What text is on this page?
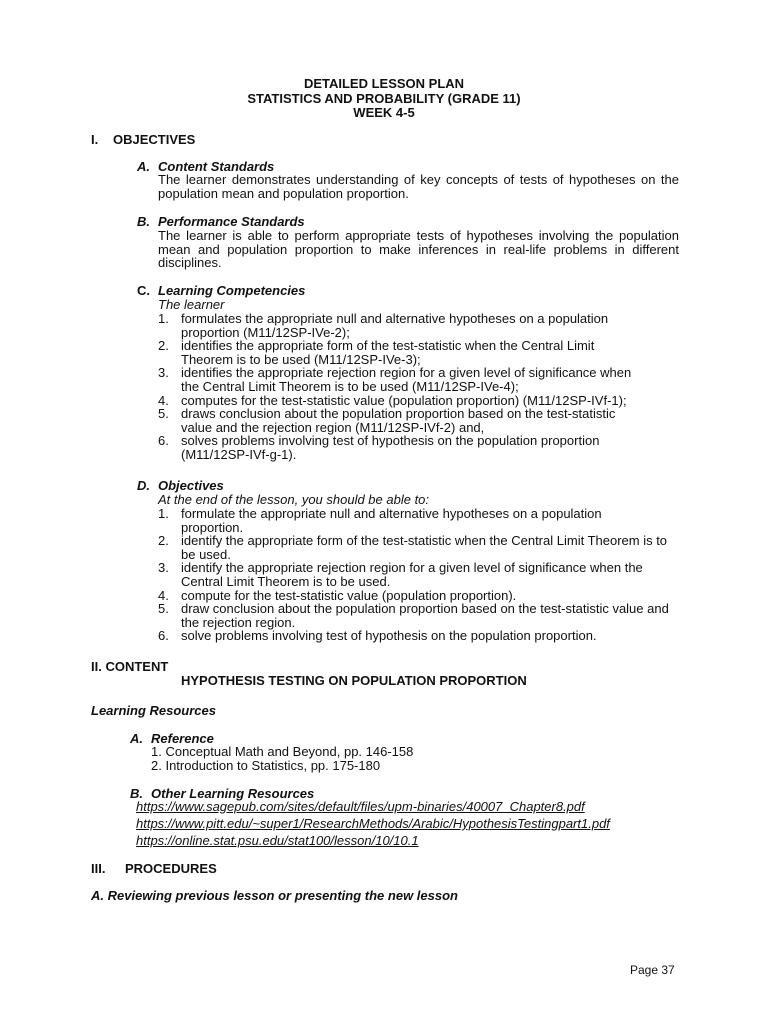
DETAILED LESSON PLAN
STATISTICS AND PROBABILITY (GRADE 11)
WEEK 4-5
I. OBJECTIVES
A. Content Standards
The learner demonstrates understanding of key concepts of tests of hypotheses on the population mean and population proportion.
B. Performance Standards
The learner is able to perform appropriate tests of hypotheses involving the population mean and population proportion to make inferences in real-life problems in different disciplines.
C. Learning Competencies
The learner
1. formulates the appropriate null and alternative hypotheses on a population proportion (M11/12SP-IVe-2);
2. identifies the appropriate form of the test-statistic when the Central Limit Theorem is to be used (M11/12SP-IVe-3);
3. identifies the appropriate rejection region for a given level of significance when the Central Limit Theorem is to be used (M11/12SP-IVe-4);
4. computes for the test-statistic value (population proportion) (M11/12SP-IVf-1);
5. draws conclusion about the population proportion based on the test-statistic value and the rejection region (M11/12SP-IVf-2) and,
6. solves problems involving test of hypothesis on the population proportion (M11/12SP-IVf-g-1).
D. Objectives
At the end of the lesson, you should be able to:
1. formulate the appropriate null and alternative hypotheses on a population proportion.
2. identify the appropriate form of the test-statistic when the Central Limit Theorem is to be used.
3. identify the appropriate rejection region for a given level of significance when the Central Limit Theorem is to be used.
4. compute for the test-statistic value (population proportion).
5. draw conclusion about the population proportion based on the test-statistic value and the rejection region.
6. solve problems involving test of hypothesis on the population proportion.
II. CONTENT
HYPOTHESIS TESTING ON POPULATION PROPORTION
Learning Resources
A. Reference
1. Conceptual Math and Beyond, pp. 146-158
2. Introduction to Statistics, pp. 175-180
B. Other Learning Resources
https://www.sagepub.com/sites/default/files/upm-binaries/40007_Chapter8.pdf
https://www.pitt.edu/~super1/ResearchMethods/Arabic/HypothesisTestingpart1.pdf
https://online.stat.psu.edu/stat100/lesson/10/10.1
III. PROCEDURES
A. Reviewing previous lesson or presenting the new lesson
Page 37
